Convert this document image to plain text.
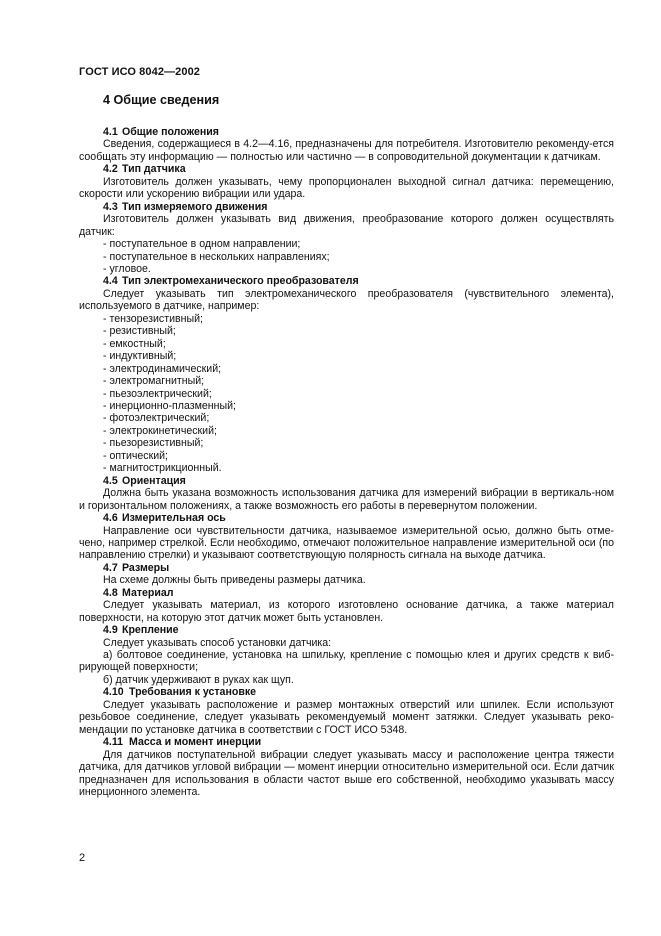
ГОСТ ИСО 8042—2002
4 Общие сведения
4.1 Общие положения

Сведения, содержащиеся в 4.2—4.16, предназначены для потребителя. Изготовителю рекоменду-ется сообщать эту информацию — полностью или частично — в сопроводительной документации к датчикам.

4.2 Тип датчика

Изготовитель должен указывать, чему пропорционален выходной сигнал датчика: перемещению, скорости или ускорению вибрации или удара.

4.3 Тип измеряемого движения

Изготовитель должен указывать вид движения, преобразование которого должен осуществлять датчик:

- поступательное в одном направлении;
- поступательное в нескольких направлениях;
- угловое.
4.4 Тип электромеханического преобразователя

Следует указывать тип электромеханического преобразователя (чувствительного элемента), используемого в датчике, например:

- тензорезистивный;
- резистивный;
- емкостный;
- индуктивный;
- электродинамический;
- электромагнитный;
- пьезоэлектрический;
- инерционно-плазменный;
- фотоэлектрический;
- электрокинетический;
- пьезорезистивный;
- оптический;
- магнитострикционный.
4.5 Ориентация

Должна быть указана возможность использования датчика для измерений вибрации в вертикаль-ном и горизонтальном положениях, а также возможность его работы в перевернутом положении.

4.6 Измерительная ось

Направление оси чувствительности датчика, называемое измерительной осью, должно быть отме-чено, например стрелкой. Если необходимо, отмечают положительное направление измерительной оси (по направлению стрелки) и указывают соответствующую полярность сигнала на выходе датчика.

4.7 Размеры

На схеме должны быть приведены размеры датчика.

4.8 Материал

Следует указывать материал, из которого изготовлено основание датчика, а также материал поверхности, на которую этот датчик может быть установлен.

4.9 Крепление

Следует указывать способ установки датчика:

а) болтовое соединение, установка на шпильку, крепление с помощью клея и других средств к виб-рирующей поверхности;

б) датчик удерживают в руках как щуп.

4.10 Требования к установке

Следует указывать расположение и размер монтажных отверстий или шпилек. Если используют резьбовое соединение, следует указывать рекомендуемый момент затяжки. Следует указывать реко-мендации по установке датчика в соответствии с ГОСТ ИСО 5348.

4.11 Масса и момент инерции

Для датчиков поступательной вибрации следует указывать массу и расположение центра тяжести датчика, для датчиков угловой вибрации — момент инерции относительно измерительной оси. Если датчик предназначен для использования в области частот выше его собственной, необходимо указывать массу инерционного элемента.

2
